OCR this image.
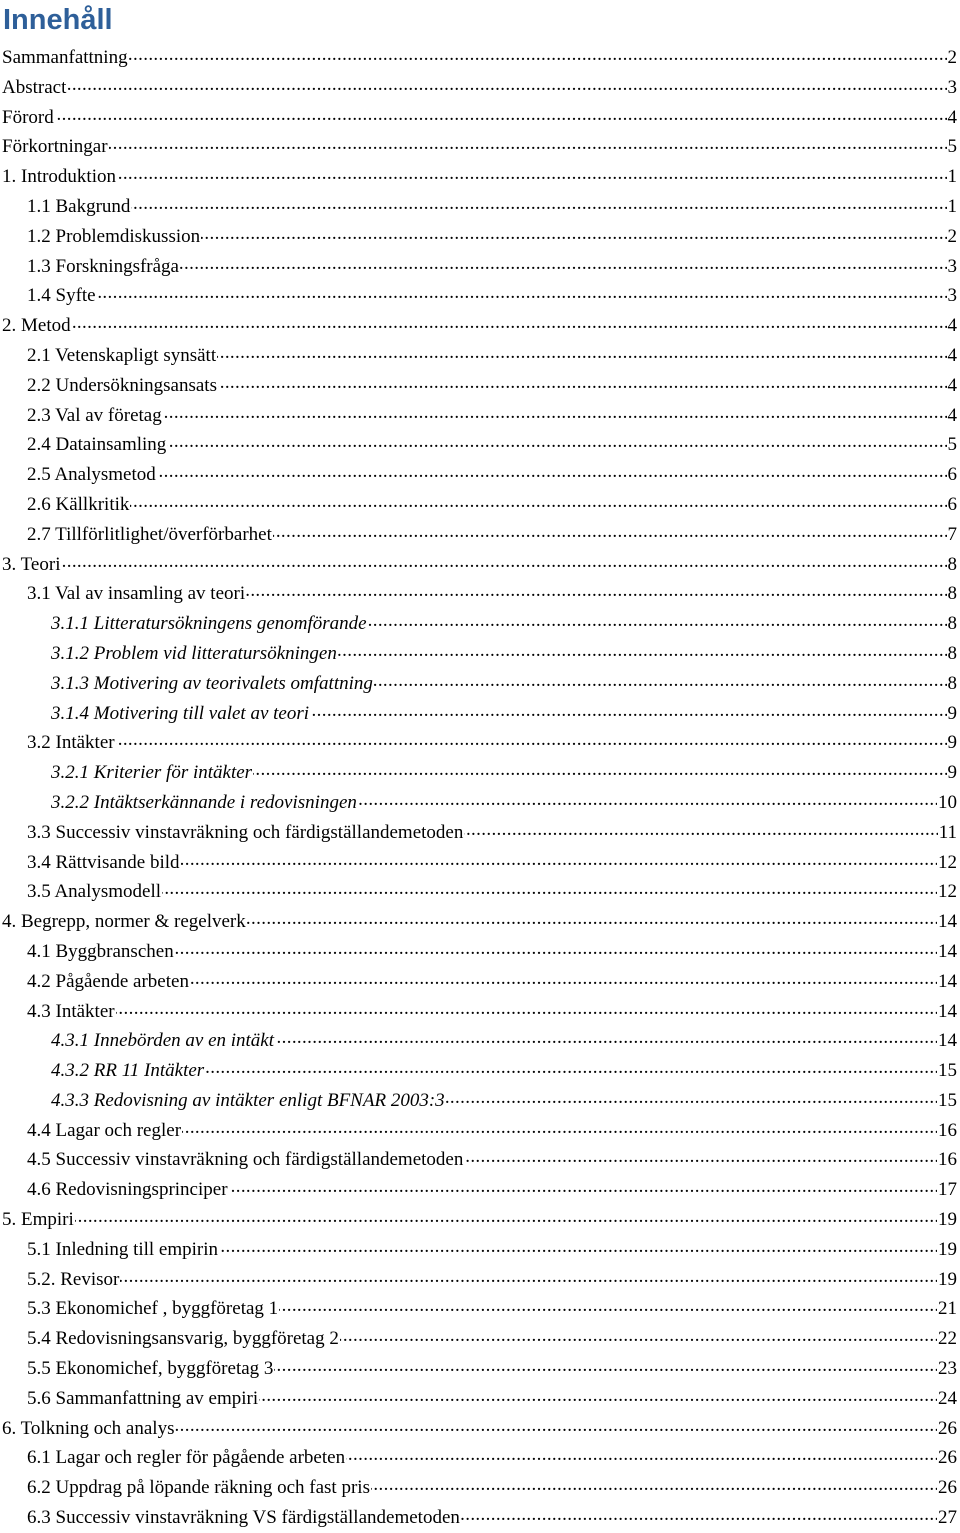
Innehåll
Sammanfattning . . .	2
Abstract . . .	3
Förord . . .	4
Förkortningar . . .	5
1. Introduktion . . .	1
1.1 Bakgrund . . .	1
1.2 Problemdiskussion . . .	2
1.3 Forskningsfråga . . .	3
1.4 Syfte . . .	3
2. Metod . . .	4
2.1 Vetenskapligt synsätt . . .	4
2.2 Undersökningsansats . . .	4
2.3 Val av företag . . .	4
2.4 Datainsamling . . .	5
2.5 Analysmetod . . .	6
2.6 Källkritik . . .	6
2.7 Tillförlitlighet/överförbarhet . . .	7
3. Teori . . .	8
3.1 Val av insamling av teori . . .	8
3.1.1 Litteratursökningens genomförande . . .	8
3.1.2 Problem vid litteratursökningen . . .	8
3.1.3 Motivering av teorivalets omfattning . . .	8
3.1.4 Motivering till valet av teori . . .	9
3.2 Intäkter . . .	9
3.2.1 Kriterier för intäkter . . .	9
3.2.2 Intäktserkännande i redovisningen . . .	10
3.3 Successiv vinstavräkning och färdigställandemetoden . . .	11
3.4 Rättvisande bild . . .	12
3.5 Analysmodell . . .	12
4. Begrepp, normer & regelverk . . .	14
4.1 Byggbranschen . . .	14
4.2 Pågående arbeten . . .	14
4.3 Intäkter . . .	14
4.3.1 Innebörden av en intäkt . . .	14
4.3.2 RR 11 Intäkter . . .	15
4.3.3 Redovisning av intäkter enligt BFNAR 2003:3 . . .	15
4.4 Lagar och regler . . .	16
4.5 Successiv vinstavräkning och färdigställandemetoden . . .	16
4.6 Redovisningsprinciper . . .	17
5. Empiri . . .	19
5.1 Inledning till empirin . . .	19
5.2. Revisor . . .	19
5.3 Ekonomichef , byggföretag 1 . . .	21
5.4 Redovisningsansvarig, byggföretag 2 . . .	22
5.5 Ekonomichef, byggföretag 3 . . .	23
5.6 Sammanfattning av empiri . . .	24
6. Tolkning och analys . . .	26
6.1 Lagar och regler för pågående arbeten . . .	26
6.2 Uppdrag på löpande räkning och fast pris . . .	26
6.3 Successiv vinstavräkning VS färdigställandemetoden . . .	27
